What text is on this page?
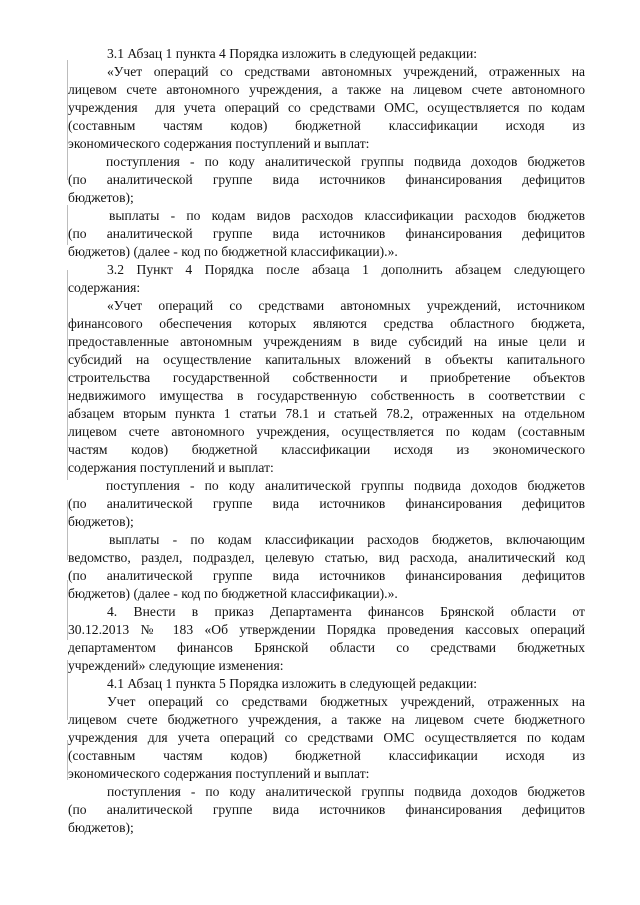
3.1 Абзац 1 пункта 4 Порядка изложить в следующей редакции:
«Учет операций со средствами автономных учреждений, отраженных на
лицевом счете автономного учреждения, а также на лицевом счете автономного
учреждения  для учета операций со средствами ОМС, осуществляется по кодам
(составным      частям      кодов)      бюджетной      классификации      исходя      из
экономического содержания поступлений и выплат:
поступления - по коду аналитической группы подвида доходов бюджетов
(по  аналитической  группе  вида  источников  финансирования  дефицитов
бюджетов);
выплаты - по кодам видов расходов классификации расходов бюджетов
(по  аналитической  группе  вида  источников  финансирования  дефицитов
бюджетов) (далее - код по бюджетной классификации).».
3.2 Пункт 4 Порядка после абзаца 1 дополнить абзацем следующего
содержания:
«Учет операций со средствами автономных учреждений, источником
финансового обеспечения которых являются средства областного бюджета,
предоставленные автономным учреждениям в виде субсидий на иные цели и
субсидий на осуществление капитальных вложений в объекты капитального
строительства  государственной  собственности  и  приобретение  объектов
недвижимого имущества в государственную собственность в соответствии с
абзацем вторым пункта 1 статьи 78.1 и статьей 78.2, отраженных на отдельном
лицевом счете автономного учреждения, осуществляется по кодам (составным
частям  кодов)  бюджетной  классификации  исходя  из  экономического
содержания поступлений и выплат:
поступления - по коду аналитической группы подвида доходов бюджетов
(по  аналитической  группе  вида  источников  финансирования  дефицитов
бюджетов);
выплаты - по кодам классификации расходов бюджетов, включающим
ведомство, раздел, подраздел, целевую статью, вид расхода, аналитический код
(по  аналитической  группе  вида  источников  финансирования  дефицитов
бюджетов) (далее - код по бюджетной классификации).».
4.  Внести  в  приказ  Департамента  финансов  Брянской  области  от
30.12.2013 № 183 «Об утверждении Порядка проведения кассовых операций
департаментом  финансов  Брянской  области  со  средствами  бюджетных
учреждений» следующие изменения:
4.1 Абзац 1 пункта 5 Порядка изложить в следующей редакции:
Учет операций со средствами бюджетных учреждений, отраженных на
лицевом счете бюджетного учреждения, а также на лицевом счете бюджетного
учреждения для учета операций со средствами ОМС осуществляется по кодам
(составным      частям      кодов)      бюджетной      классификации      исходя      из
экономического содержания поступлений и выплат:
поступления - по коду аналитической группы подвида доходов бюджетов
(по  аналитической  группе  вида  источников  финансирования  дефицитов
бюджетов);
